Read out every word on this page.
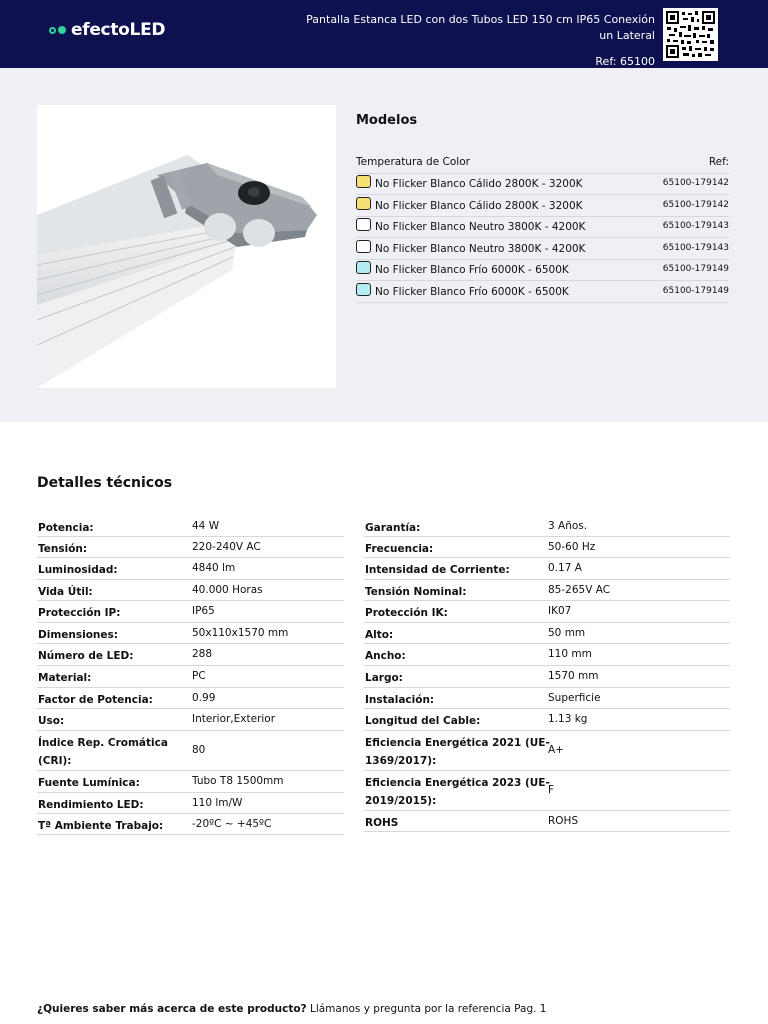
efectoLED
Pantalla Estanca LED con dos Tubos LED 150 cm IP65 Conexión un Lateral
Ref: 65100
Modelos
Temperatura de Color	Ref:
No Flicker Blanco Cálido 2800K - 3200K	65100-179142
No Flicker Blanco Cálido 2800K - 3200K	65100-179142
No Flicker Blanco Neutro 3800K - 4200K	65100-179143
No Flicker Blanco Neutro 3800K - 4200K	65100-179143
No Flicker Blanco Frío 6000K - 6500K	65100-179149
No Flicker Blanco Frío 6000K - 6500K	65100-179149
Detalles técnicos
Potencia:	44 W
Tensión:	220-240V AC
Luminosidad:	4840 lm
Vida Útil:	40.000 Horas
Protección IP:	IP65
Dimensiones:	50x110x1570 mm
Número de LED:	288
Material:	PC
Factor de Potencia:	0.99
Uso:	Interior,Exterior
Índice Rep. Cromática
(CRI):
80
Fuente Lumínica:	Tubo T8 1500mm
Rendimiento LED:	110 lm/W
Tª Ambiente Trabajo:	-20ºC ~ +45ºC
Garantía:	3 Años.
Frecuencia:	50-60 Hz
Intensidad de Corriente:	0.17 A
Tensión Nominal:	85-265V AC
Protección IK:	IK07
Alto:	50 mm
Ancho:	110 mm
Largo:	1570 mm
Instalación:	Superficie
Longitud del Cable:	1.13 kg
Eficiencia Energética 2021 (UE-
1369/2017):
A+
Eficiencia Energética 2023 (UE-
2019/2015):
F
ROHS	ROHS
¿Quieres saber más acerca de este producto? Llámanos y pregunta por la referencia Pag. 1
